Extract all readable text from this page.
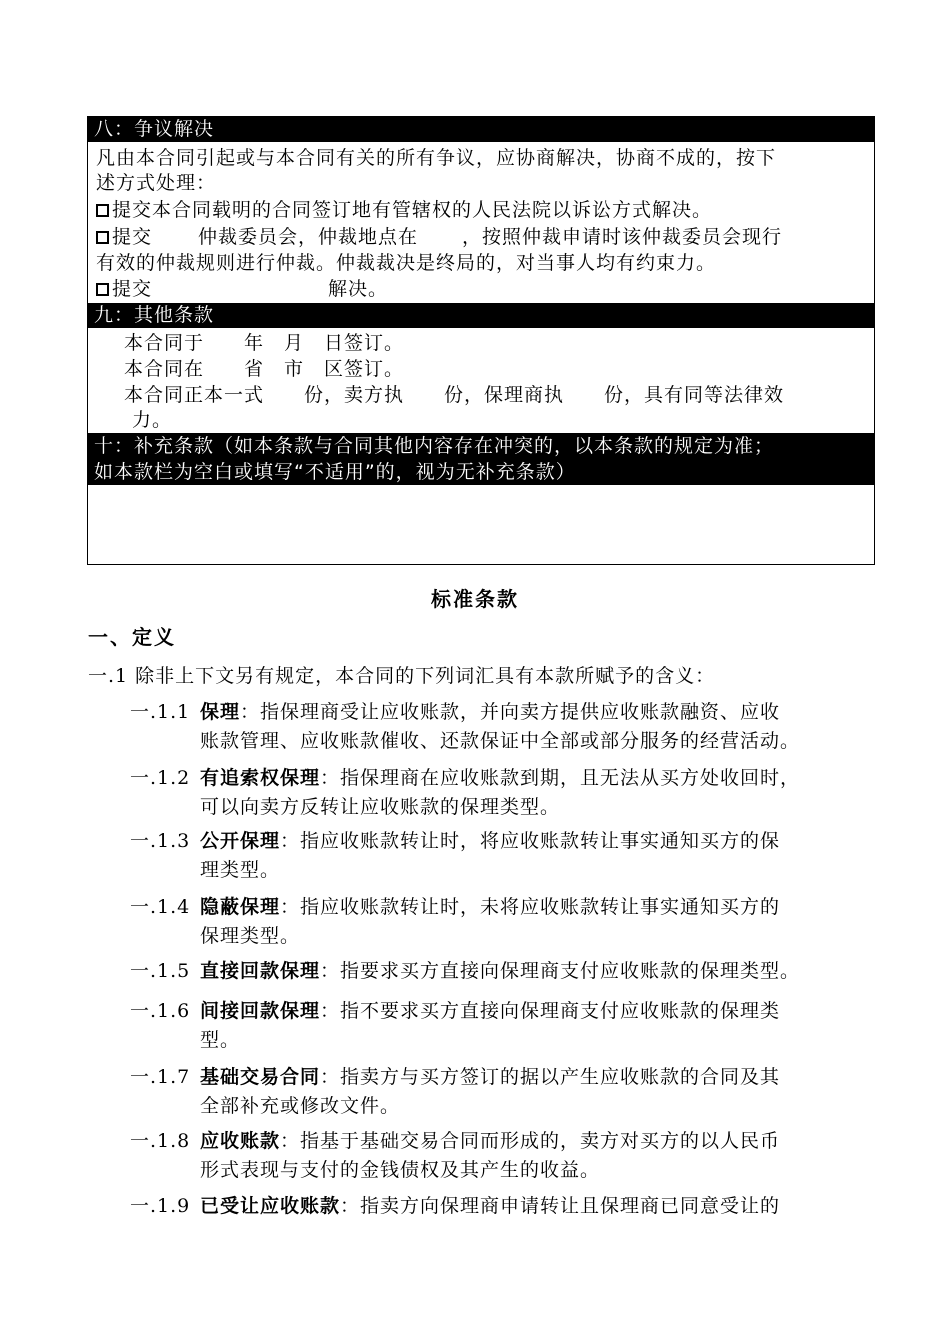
八：争议解决
凡由本合同引起或与本合同有关的所有争议，应协商解决，协商不成的，按下
述方式处理：
提交本合同载明的合同签订地有管辖权的人民法院以诉讼方式解决。
提交 仲裁委员会，仲裁地点在 ，按照仲裁申请时该仲裁委员会现行
有效的仲裁规则进行仲裁。仲裁裁决是终局的，对当事人均有约束力。
提交	解决。
九：其他条款
本合同于　　年　月　日签订。
本合同在　　省　市　区签订。
本合同正本一式　　份，卖方执　　份，保理商执　　份，具有同等法律效
力。
十：补充条款（如本条款与合同其他内容存在冲突的，以本条款的规定为准；
如本款栏为空白或填写“不适用”的，视为无补充条款）
标准条款
一、定义
一.1 除非上下文另有规定，本合同的下列词汇具有本款所赋予的含义：
一.1.1 保理：指保理商受让应收账款，并向卖方提供应收账款融资、应收
账款管理、应收账款催收、还款保证中全部或部分服务的经营活动。
一.1.2 有追索权保理：指保理商在应收账款到期，且无法从买方处收回时，
可以向卖方反转让应收账款的保理类型。
一.1.3 公开保理：指应收账款转让时，将应收账款转让事实通知买方的保
理类型。
一.1.4 隐蔽保理：指应收账款转让时，未将应收账款转让事实通知买方的
保理类型。
一.1.5 直接回款保理：指要求买方直接向保理商支付应收账款的保理类型。
一.1.6 间接回款保理：指不要求买方直接向保理商支付应收账款的保理类
型。
一.1.7 基础交易合同：指卖方与买方签订的据以产生应收账款的合同及其
全部补充或修改文件。
一.1.8 应收账款：指基于基础交易合同而形成的，卖方对买方的以人民币
形式表现与支付的金钱债权及其产生的收益。
一.1.9 已受让应收账款：指卖方向保理商申请转让且保理商已同意受让的
